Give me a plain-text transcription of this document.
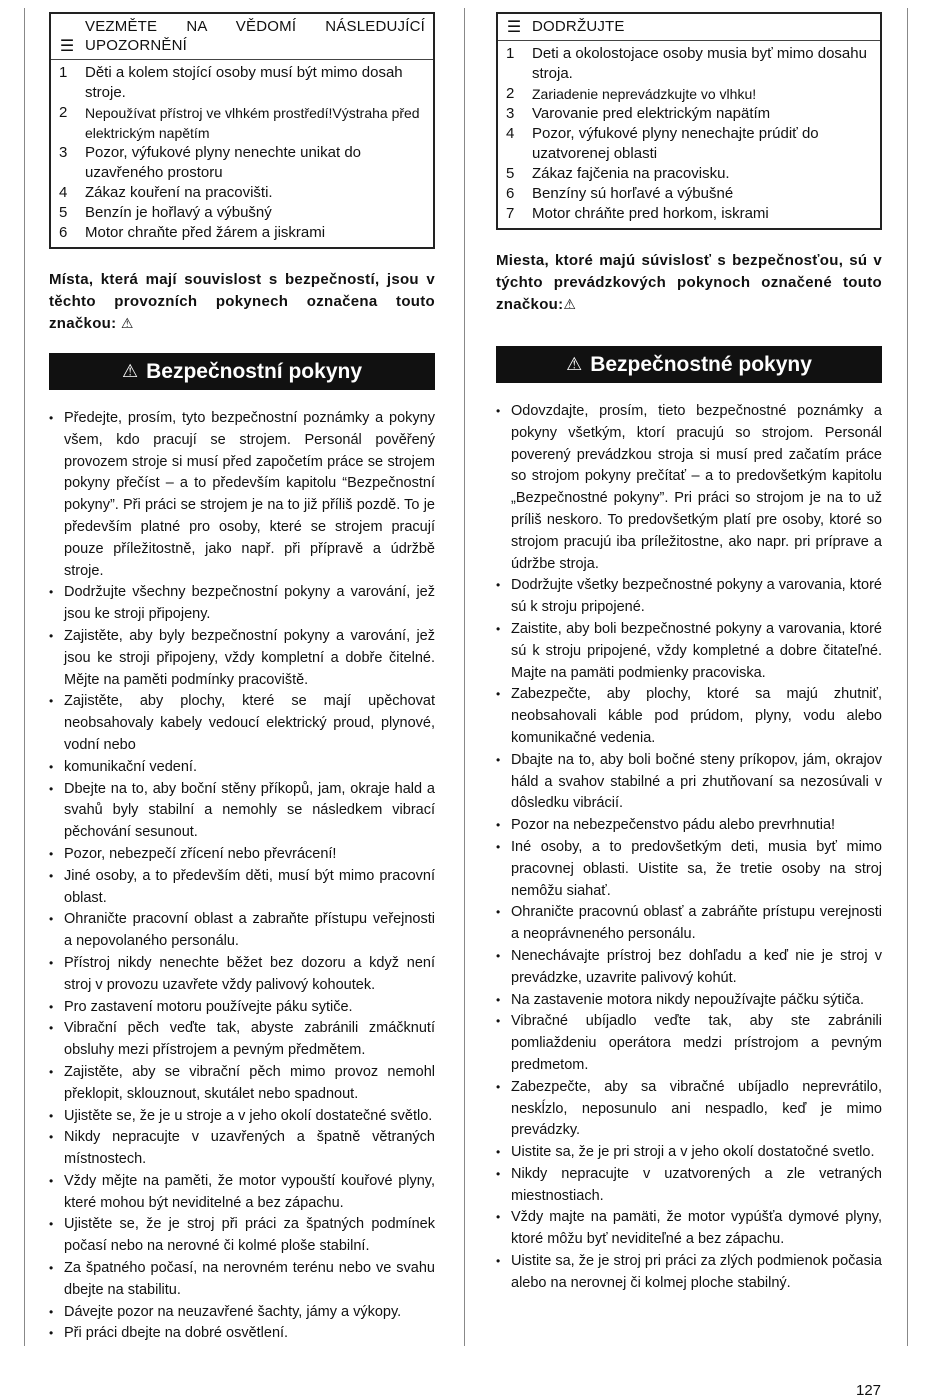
☰
VEZMĚTE NA VĚDOMÍ NÁSLEDUJÍCÍ UPOZORNĚNÍ
1	Děti a kolem stojící osoby musí být mimo dosah stroje.
2	Nepoužívat přístroj ve vlhkém prostředí!Výstraha před elektrickým napětím
3	Pozor, výfukové plyny nenechte unikat do uzavřeného prostoru
4	Zákaz kouření na pracovišti.
5	Benzín je hořlavý a výbušný
6	Motor chraňte před žárem a jiskrami

Místa, která mají souvislost s bezpečností, jsou v těchto provozních pokynech označena touto značkou: ⚠

⚠ Bezpečnostní pokyny
• Předejte, prosím, tyto bezpečnostní poznámky a pokyny všem, kdo pracují se strojem. Personál pověřený provozem stroje si musí před započetím práce se strojem pokyny přečíst – a to především kapitolu “Bezpečnostní pokyny”. Při práci se strojem je na to již příliš pozdě. To je především platné pro osoby, které se strojem pracují pouze příležitostně, jako např. při přípravě a údržbě stroje.
• Dodržujte všechny bezpečnostní pokyny a varování, jež jsou ke stroji připojeny.
• Zajistěte, aby byly bezpečnostní pokyny a varování, jež jsou ke stroji připojeny, vždy kompletní a dobře čitelné. Mějte na paměti podmínky pracoviště.
• Zajistěte, aby plochy, které se mají upěchovat neobsahovaly kabely vedoucí elektrický proud, plynové, vodní nebo
• komunikační vedení.
• Dbejte na to, aby boční stěny příkopů, jam, okraje hald a svahů byly stabilní a nemohly se následkem vibrací pěchování sesunout.
• Pozor, nebezpečí zřícení nebo převrácení!
• Jiné osoby, a to především děti, musí být mimo pracovní oblast.
• Ohraničte pracovní oblast a zabraňte přístupu veřejnosti a nepovolaného personálu.
• Přístroj nikdy nenechte běžet bez dozoru a když není stroj v provozu uzavřete vždy palivový kohoutek.
• Pro zastavení motoru používejte páku sytiče.
• Vibrační pěch veďte tak, abyste zabránili zmáčknutí obsluhy mezi přístrojem a pevným předmětem.
• Zajistěte, aby se vibrační pěch mimo provoz nemohl překlopit, sklouznout, skutálet nebo spadnout.
• Ujistěte se, že je u stroje a v jeho okolí dostatečné světlo.
• Nikdy nepracujte v uzavřených a špatně větraných místnostech.
• Vždy mějte na paměti, že motor vypouští kouřové plyny, které mohou být neviditelné a bez zápachu.
• Ujistěte se, že je stroj při práci za špatných podmínek počasí nebo na nerovné či kolmé ploše stabilní.
• Za špatného počasí, na nerovném terénu nebo ve svahu dbejte na stabilitu.
• Dávejte pozor na neuzavřené šachty, jámy a výkopy.
• Při práci dbejte na dobré osvětlení.
☰ DODRŽUJTE
1	Deti a okolostojace osoby musia byť mimo dosahu stroja.
2	Zariadenie neprevádzkujte vo vlhku!
3	Varovanie pred elektrickým napätím
4	Pozor, výfukové plyny nenechajte prúdiť do uzatvorenej oblasti
5	Zákaz fajčenia na pracovisku.
6	Benzíny sú horľavé a výbušné
7	Motor chráňte pred horkom, iskrami

Miesta, ktoré majú súvislosť s bezpečnosťou, sú v týchto prevádzkových pokynoch označené touto značkou:⚠

⚠ Bezpečnostné pokyny
• Odovzdajte, prosím, tieto bezpečnostné poznámky a pokyny všetkým, ktorí pracujú so strojom. Personál poverený prevádzkou stroja si musí pred začatím práce so strojom pokyny prečítať – a to predovšetkým kapitolu „Bezpečnostné pokyny”. Pri práci so strojom je na to už príliš neskoro. To predovšetkým platí pre osoby, ktoré so strojom pracujú iba príležitostne, ako napr. pri príprave a údržbe stroja.
• Dodržujte všetky bezpečnostné pokyny a varovania, ktoré sú k stroju pripojené.
• Zaistite, aby boli bezpečnostné pokyny a varovania, ktoré sú k stroju pripojené, vždy kompletné a dobre čitateľné. Majte na pamäti podmienky pracoviska.
• Zabezpečte, aby plochy, ktoré sa majú zhutniť, neobsahovali káble pod prúdom, plyny, vodu alebo komunikačné vedenia.
• Dbajte na to, aby boli bočné steny príkopov, jám, okrajov háld a svahov stabilné a pri zhutňovaní sa nezosúvali v dôsledku vibrácií.
• Pozor na nebezpečenstvo pádu alebo prevrhnutia!
• Iné osoby, a to predovšetkým deti, musia byť mimo pracovnej oblasti. Uistite sa, že tretie osoby na stroj nemôžu siahať.
• Ohraničte pracovnú oblasť a zabráňte prístupu verejnosti a neoprávneného personálu.
• Nenechávajte prístroj bez dohľadu a keď nie je stroj v prevádzke, uzavrite palivový kohút.
• Na zastavenie motora nikdy nepoužívajte páčku sýtiča.
• Vibračné ubíjadlo veďte tak, aby ste zabránili pomliaždeniu operátora medzi prístrojom a pevným predmetom.
• Zabezpečte, aby sa vibračné ubíjadlo neprevrátilo, neskĺzlo, neposunulo ani nespadlo, keď je mimo prevádzky.
• Uistite sa, že je pri stroji a v jeho okolí dostatočné svetlo.
• Nikdy nepracujte v uzatvorených a zle vetraných miestnostiach.
• Vždy majte na pamäti, že motor vypúšťa dymové plyny, ktoré môžu byť neviditeľné a bez zápachu.
• Uistite sa, že je stroj pri práci za zlých podmienok počasia alebo na nerovnej či kolmej ploche stabilný.
127
